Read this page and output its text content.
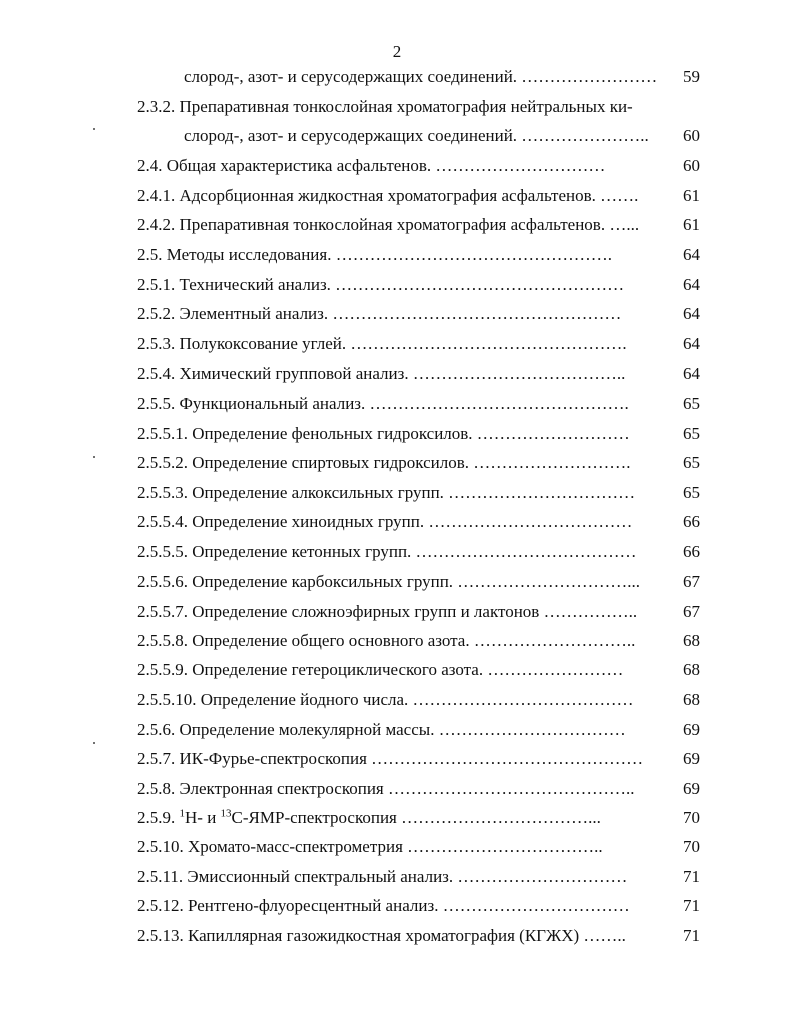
2
слород-, азот- и серусодержащих соединений. …………………… 59
2.3.2. Препаративная тонкослойная хроматография нейтральных ки-
слород-, азот- и серусодержащих соединений. ………………….. 60
2.4. Общая характеристика асфальтенов. …………………………	60
2.4.1. Адсорбционная жидкостная хроматография асфальтенов. …….	61
2.4.2. Препаративная тонкослойная хроматография асфальтенов. …...	61
2.5. Методы исследования. ………………………………………….	64
2.5.1. Технический анализ. ……………………………………………	64
2.5.2. Элементный анализ. ……………………………………………	64
2.5.3. Полукоксование углей. ………………………………………….	64
2.5.4. Химический групповой анализ. ………………………………..	64
2.5.5. Функциональный анализ. ……………………………………….	65
2.5.5.1. Определение фенольных гидроксилов. ………………………	65
2.5.5.2. Определение спиртовых гидроксилов. ……………………….	65
2.5.5.3. Определение алкоксильных групп. ……………………………	65
2.5.5.4. Определение хиноидных групп. ………………………………	66
2.5.5.5. Определение кетонных групп. …………………………………	66
2.5.5.6. Определение карбоксильных групп. …………………………...	67
2.5.5.7. Определение сложноэфирных групп и лактонов ……………..	67
2.5.5.8. Определение общего основного азота. ………………………..	68
2.5.5.9. Определение гетероциклического азота. ……………………	68
2.5.5.10. Определение йодного числа. …………………………………	68
2.5.6. Определение молекулярной массы. ……………………………	69
2.5.7. ИК-Фурье-спектроскопия ………………………………………… 69
2.5.8. Электронная спектроскопия ……………………………………..	69
2.5.9. $^1$Н- и $^{13}$С-ЯМР-спектроскопия ……………………………...	70
2.5.10. Хромато-масс-спектрометрия ……………………………..	70
2.5.11. Эмиссионный спектральный анализ. …………………………	71
2.5.12. Рентгено-флуоресцентный анализ. ……………………………	71
2.5.13. Капиллярная газожидкостная хроматография (КГЖХ) ……..	71
